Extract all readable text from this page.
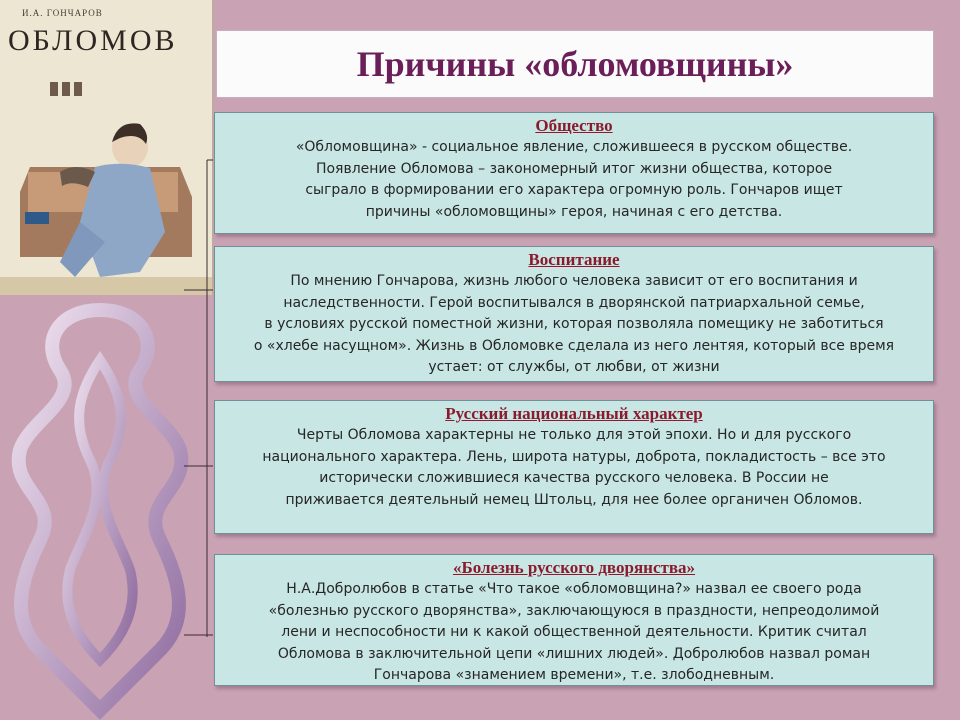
И.А. ГОНЧАРОВ
ОБЛОМОВ
Причины «обломовщины»
Общество

«Обломовщина» - социальное явление, сложившееся в русском обществе.
Появление Обломова – закономерный итог жизни общества, которое
сыграло в формировании его характера огромную роль. Гончаров ищет
причины «обломовщины» героя, начиная с его детства.

Воспитание

По мнению Гончарова, жизнь любого человека зависит от его воспитания и
наследственности. Герой воспитывался в дворянской патриархальной семье,
в условиях русской поместной жизни, которая позволяла помещику не заботиться
о «хлебе насущном». Жизнь в Обломовке сделала из него лентяя, который все время
устает: от службы, от любви, от жизни

Русский национальный характер

Черты Обломова характерны не только для этой эпохи. Но и для русского
национального характера. Лень, широта натуры, доброта, покладистость – все это
исторически сложившиеся качества русского человека. В России не
приживается деятельный немец Штольц, для нее более органичен Обломов.

«Болезнь русского дворянства»

Н.А.Добролюбов в статье «Что такое «обломовщина?» назвал ее своего рода
«болезнью русского дворянства», заключающуюся в праздности, непреодолимой
лени и неспособности ни к какой общественной деятельности. Критик считал
Обломова в заключительной цепи «лишних людей». Добролюбов назвал роман
Гончарова «знамением времени», т.е. злободневным.
